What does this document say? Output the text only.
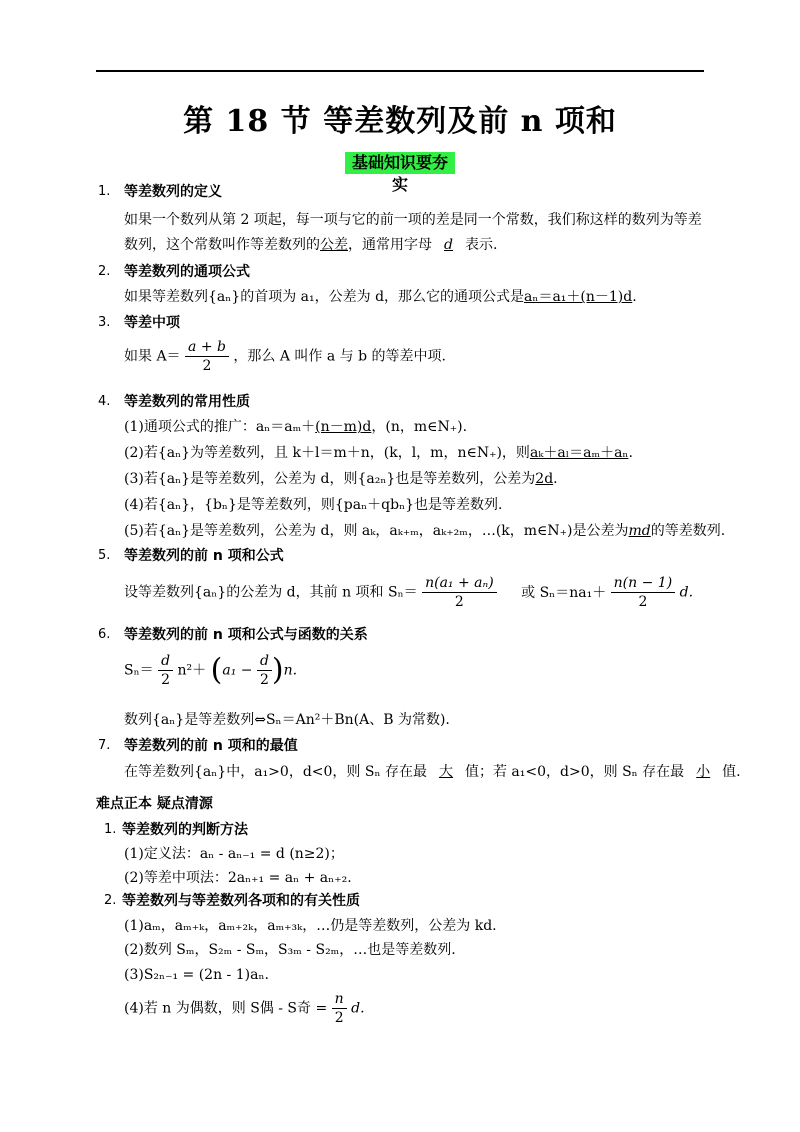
第 18 节 等差数列及前 n 项和
基础知识要夯实
1. 等差数列的定义
如果一个数列从第 2 项起，每一项与它的前一项的差是同一个常数，我们称这样的数列为等差
数列，这个常数叫作等差数列的公差，通常用字母 d 表示.
2. 等差数列的通项公式
如果等差数列{aₙ}的首项为 a₁，公差为 d，那么它的通项公式是aₙ＝a₁＋(n－1)d.
3. 等差中项
如果 $A= \frac{a + b}{2}$ ，那么 A 叫作 a 与 b 的等差中项.
4. 等差数列的常用性质
(1)通项公式的推广：aₙ＝aₘ＋(n－m)d，(n，m∈N₊).
(2)若{aₙ}为等差数列，且 k＋l＝m＋n，(k，l，m，n∈N₊)，则aₖ＋aₗ＝aₘ＋aₙ.
(3)若{aₙ}是等差数列，公差为 d，则{a₂ₙ}也是等差数列，公差为2d.
(4)若{aₙ}，{bₙ}是等差数列，则{paₙ＋qbₙ}也是等差数列.
(5)若{aₙ}是等差数列，公差为 d，则 aₖ，aₖ₊ₘ，aₖ₊₂ₘ，…(k，m∈N₊)是公差为md的等差数列.
5. 等差数列的前 n 项和公式
设等差数列{aₙ}的公差为 d，其前 n 项和 $S_n= \frac{\text{n(a₁ + aₙ)}}{2}$ 或 $S_n=na_1+ \frac{n(n - 1)}{2} d$.
6. 等差数列的前 n 项和公式与函数的关系
$S_n= \frac{d}{2} n^2+ (a_1 - \frac{d}{2} )n$.
数列{aₙ}是等差数列⇔Sₙ＝An²＋Bn(A、B 为常数).
7. 等差数列的前 n 项和的最值
在等差数列{aₙ}中，a₁>0，d<0，则 Sₙ 存在最 大 值；若 a₁<0，d>0，则 Sₙ 存在最 小 值.
难点正本 疑点清源
1. 等差数列的判断方法
(1)定义法：aₙ - aₙ₋₁ = d (n≥2)；
(2)等差中项法：2aₙ₊₁ = aₙ + aₙ₊₂.
2. 等差数列与等差数列各项和的有关性质
(1)aₘ，aₘ₊ₖ，aₘ₊₂ₖ，aₘ₊₃ₖ，…仍是等差数列，公差为 kd.
(2)数列 Sₘ，S₂ₘ - Sₘ，S₃ₘ - S₂ₘ，…也是等差数列.
(3)S₂ₙ₋₁ = (2n - 1)aₙ.
(4)若 n 为偶数，则 S偶 - S奇 = $\frac{n}{2} d$.
